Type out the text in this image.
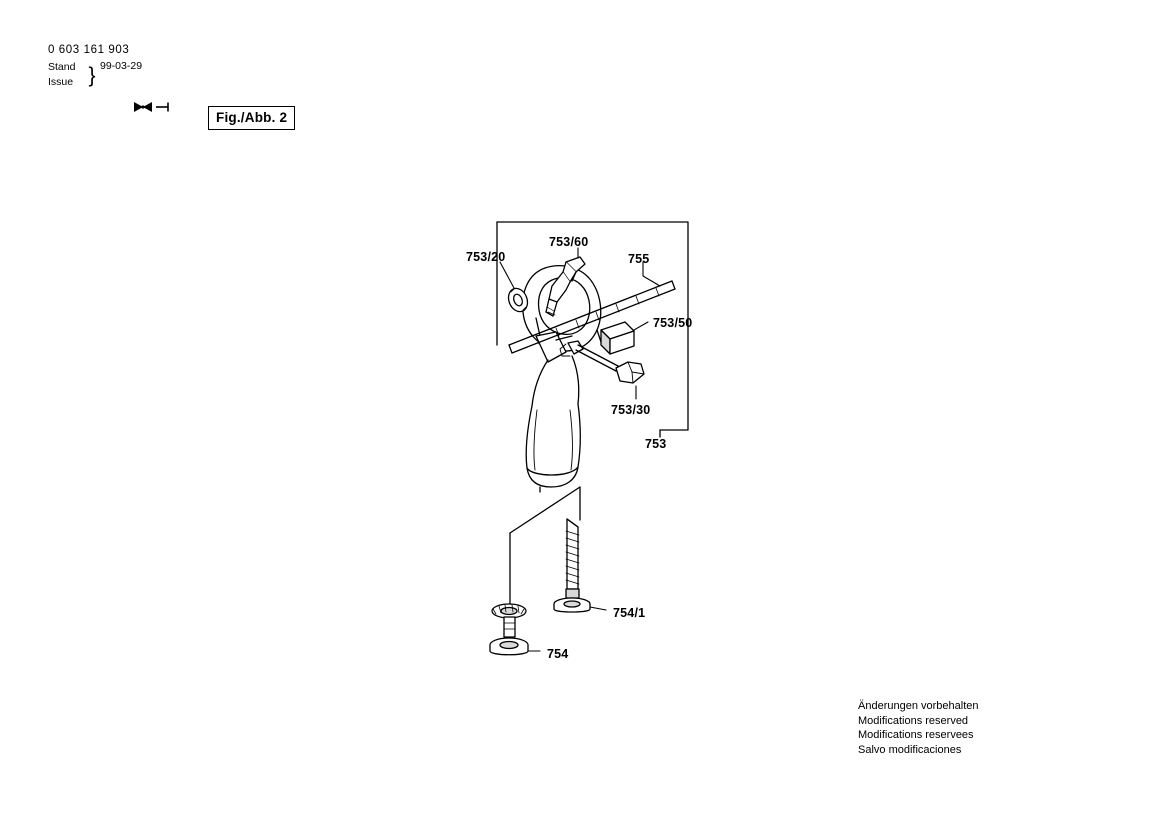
0 603 161 903
Stand
Issue } 99-03-29
Fig./Abb. 2
753/20
753/60
755
753/50
753/30
753
754/1
754
Änderungen vorbehalten
Modifications reserved
Modifications reservees
Salvo modificaciones
